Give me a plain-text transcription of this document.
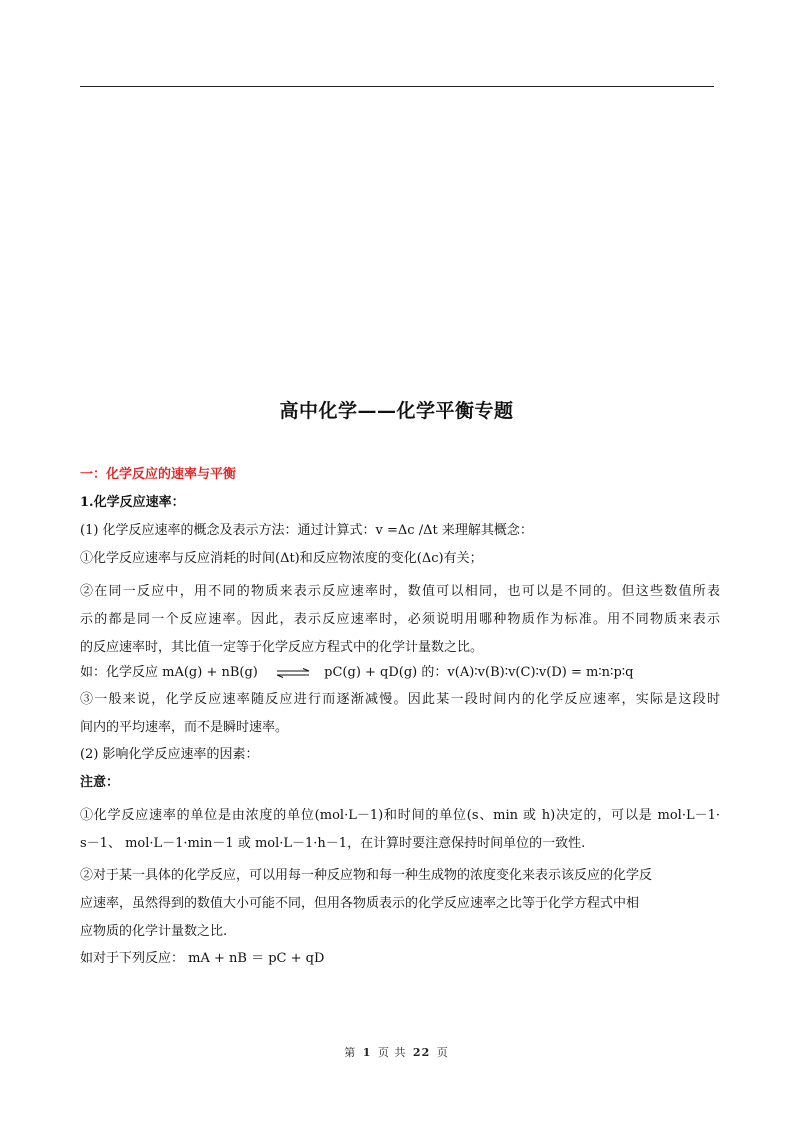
高中化学——化学平衡专题
一：化学反应的速率与平衡
1.化学反应速率：
(1) 化学反应速率的概念及表示方法：通过计算式：v =Δc /Δt 来理解其概念：
①化学反应速率与反应消耗的时间(Δt)和反应物浓度的变化(Δc)有关；
②在同一反应中，用不同的物质来表示反应速率时，数值可以相同，也可以是不同的。但这些数值所表
示的都是同一个反应速率。因此，表示反应速率时，必须说明用哪种物质作为标准。用不同物质来表示
的反应速率时，其比值一定等于化学反应方程式中的化学计量数之比。
如：化学反应 mA(g) + nB(g) ⇌ pC(g) + qD(g) 的：v(A)∶v(B)∶v(C)∶v(D) = m∶n∶p∶q
③一般来说，化学反应速率随反应进行而逐渐减慢。因此某一段时间内的化学反应速率，实际是这段时
间内的平均速率，而不是瞬时速率。
(2) 影响化学反应速率的因素：
注意：
①化学反应速率的单位是由浓度的单位(mol·L－1)和时间的单位(s、min 或 h)决定的，可以是 mol·L－1·
s－1、 mol·L－1·min－1 或 mol·L－1·h－1，在计算时要注意保持时间单位的一致性.
②对于某一具体的化学反应，可以用每一种反应物和每一种生成物的浓度变化来表示该反应的化学反
应速率，虽然得到的数值大小可能不同，但用各物质表示的化学反应速率之比等于化学方程式中相
应物质的化学计量数之比.
如对于下列反应： mA + nB ＝ pC + qD
第 1 页 共 22 页
